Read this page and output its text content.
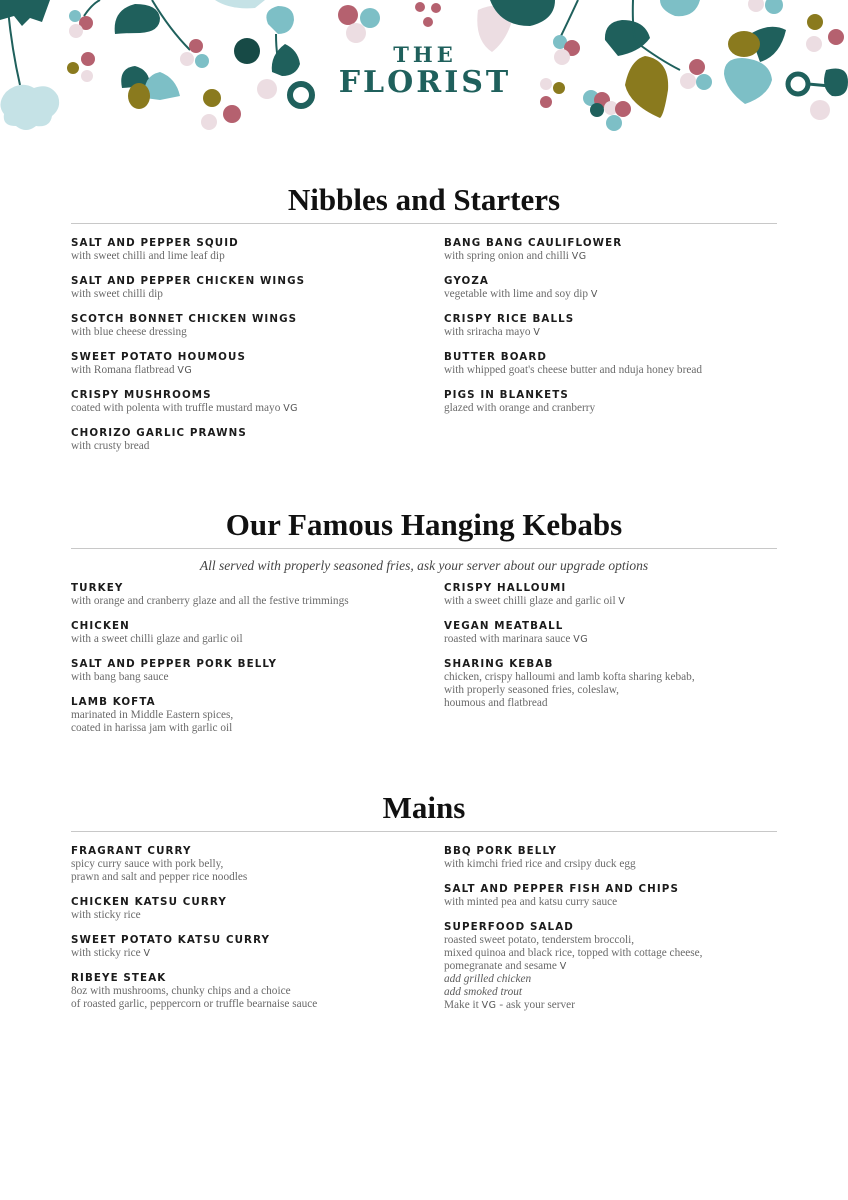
THE
FLORIST
Nibbles and Starters
SALT AND PEPPER SQUID
with sweet chilli and lime leaf dip
SALT AND PEPPER CHICKEN WINGS
with sweet chilli dip
SCOTCH BONNET CHICKEN WINGS
with blue cheese dressing
SWEET POTATO HOUMOUS
with Romana flatbread VG
CRISPY MUSHROOMS
coated with polenta with truffle mustard mayo VG
CHORIZO GARLIC PRAWNS
with crusty bread
BANG BANG CAULIFLOWER
with spring onion and chilli VG
GYOZA
vegetable with lime and soy dip V
CRISPY RICE BALLS
with sriracha mayo V
BUTTER BOARD
with whipped goat's cheese butter and nduja honey bread
PIGS IN BLANKETS
glazed with orange and cranberry
Our Famous Hanging Kebabs
All served with properly seasoned fries, ask your server about our upgrade options
TURKEY
with orange and cranberry glaze and all the festive trimmings
CHICKEN
with a sweet chilli glaze and garlic oil
SALT AND PEPPER PORK BELLY
with bang bang sauce
LAMB KOFTA
marinated in Middle Eastern spices,
coated in harissa jam with garlic oil
CRISPY HALLOUMI
with a sweet chilli glaze and garlic oil V
VEGAN MEATBALL
roasted with marinara sauce VG
SHARING KEBAB
chicken, crispy halloumi and lamb kofta sharing kebab,
with properly seasoned fries, coleslaw,
houmous and flatbread
Mains
FRAGRANT CURRY
spicy curry sauce with pork belly,
prawn and salt and pepper rice noodles
CHICKEN KATSU CURRY
with sticky rice
SWEET POTATO KATSU CURRY
with sticky rice V
RIBEYE STEAK
8oz with mushrooms, chunky chips and a choice
of roasted garlic, peppercorn or truffle bearnaise sauce
BBQ PORK BELLY
with kimchi fried rice and crsipy duck egg
SALT AND PEPPER FISH AND CHIPS
with minted pea and katsu curry sauce
SUPERFOOD SALAD
roasted sweet potato, tenderstem broccoli,
mixed quinoa and black rice, topped with cottage cheese,
pomegranate and sesame V
add grilled chicken
add smoked trout
Make it VG - ask your server
